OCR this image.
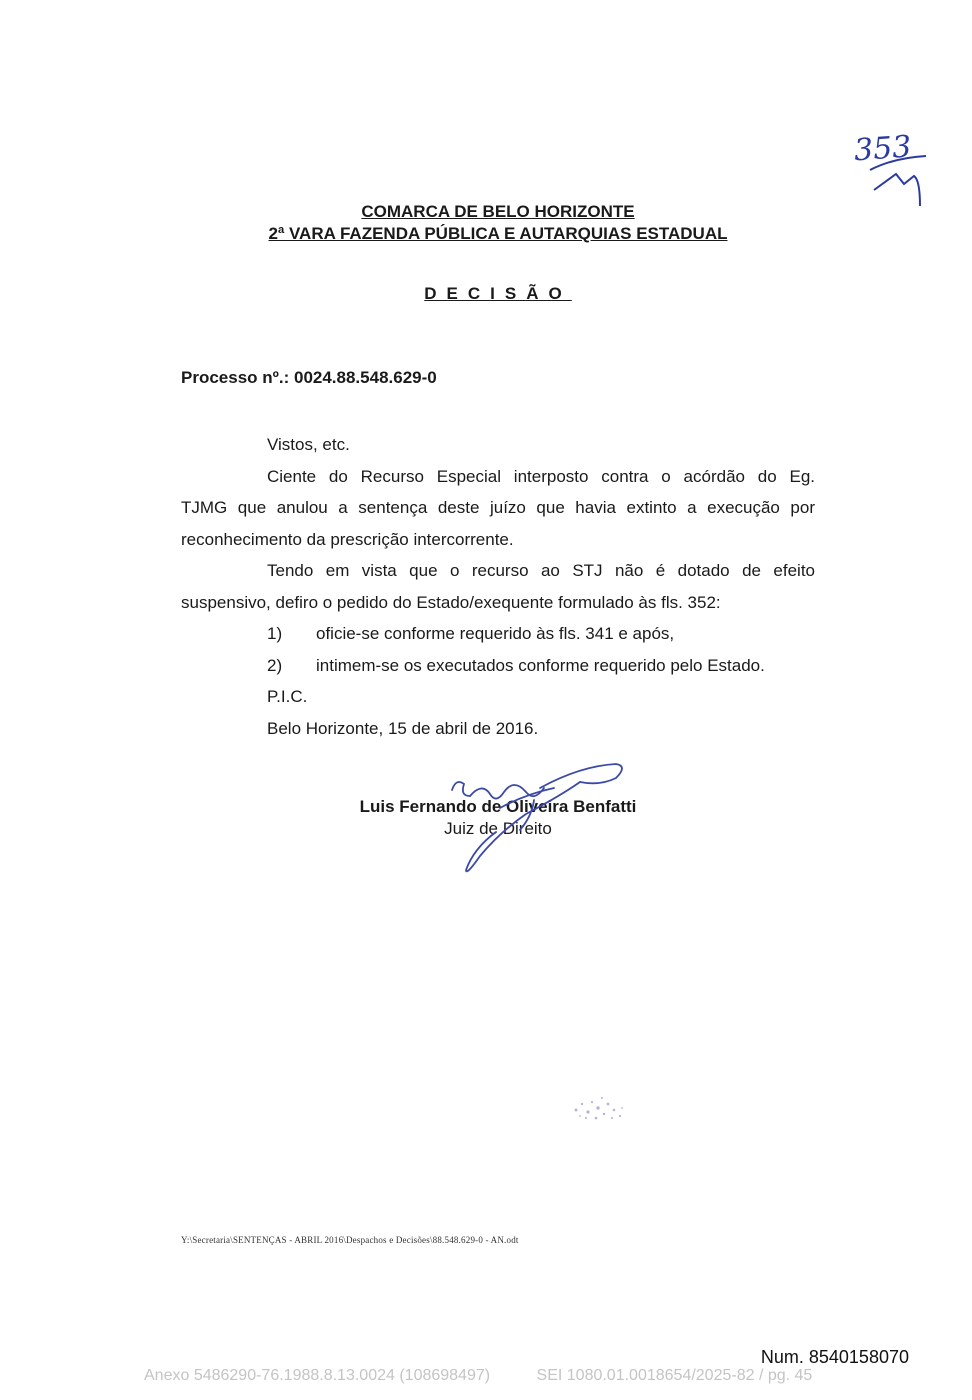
353
COMARCA DE BELO HORIZONTE
2ª VARA FAZENDA PÚBLICA E AUTARQUIAS ESTADUAL
DECISÃO
Processo nº.: 0024.88.548.629-0

Vistos, etc.

Ciente do Recurso Especial interposto contra o acórdão do Eg.

TJMG que anulou a sentença deste juízo que havia extinto a execução por

reconhecimento da prescrição intercorrente.

Tendo em vista que o recurso ao STJ não é dotado de efeito

suspensivo, defiro o pedido do Estado/exequente formulado às fls. 352:

1)	oficie-se conforme requerido às fls. 341 e após,
2)	intimem-se os executados conforme requerido pelo Estado.

P.I.C.

Belo Horizonte, 15 de abril de 2016.

Luis Fernando de Oliveira Benfatti
Juiz de Direito
Y:\Secretaria\SENTENÇAS - ABRIL 2016\Despachos e Decisões\88.548.629-0 - AN.odt
Num. 8540158070
Anexo 5486290-76.1988.8.13.0024 (108698497)	SEI 1080.01.0018654/2025-82 / pg. 45
